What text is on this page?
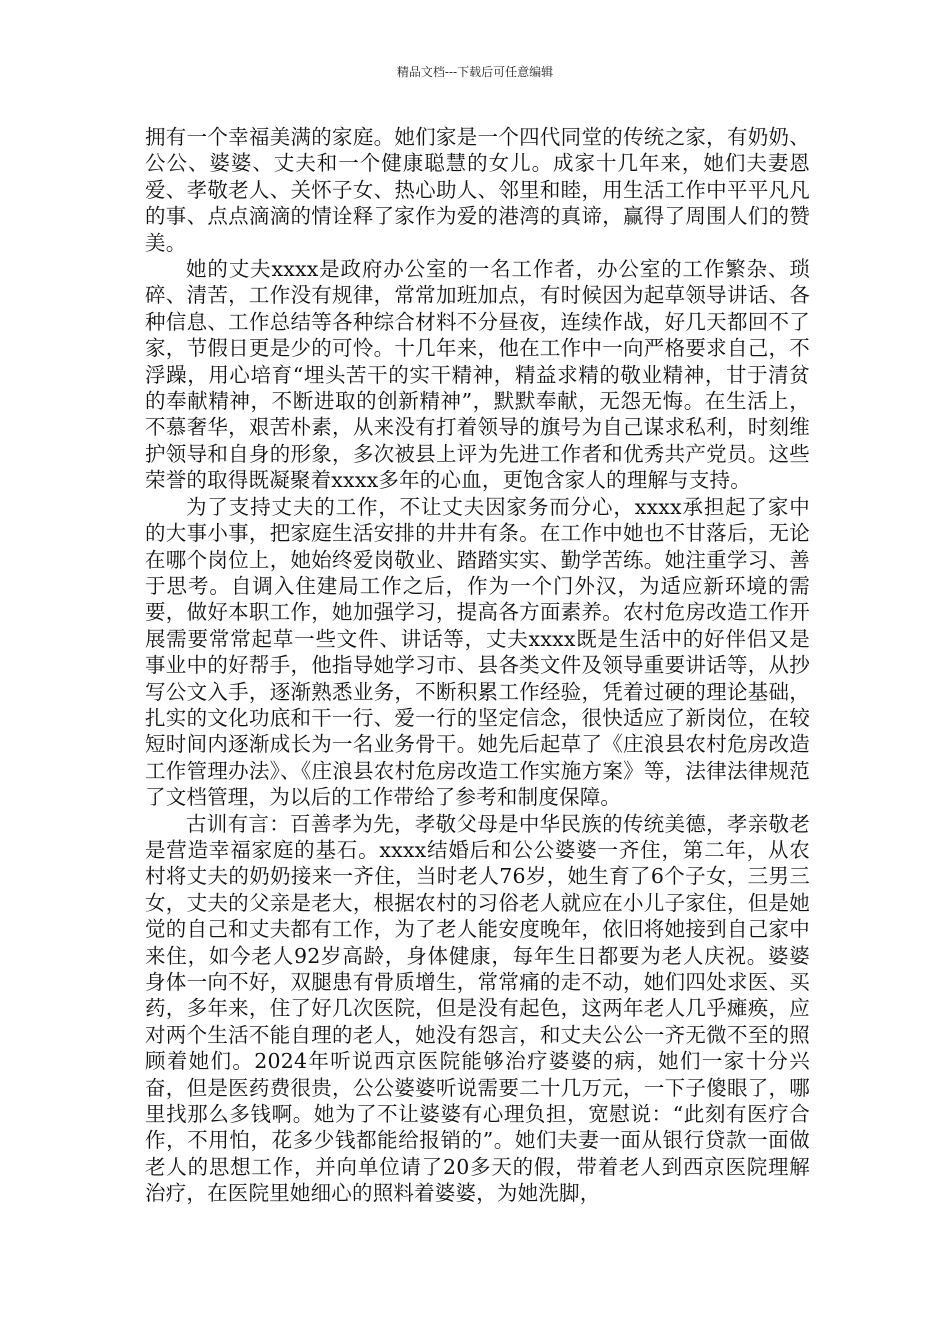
精品文档---下载后可任意编辑

拥有一个幸福美满的家庭。她们家是一个四代同堂的传统之家，有奶奶、公公、婆婆、丈夫和一个健康聪慧的女儿。成家十几年来，她们夫妻恩爱、孝敬老人、关怀子女、热心助人、邻里和睦，用生活工作中平平凡凡的事、点点滴滴的情诠释了家作为爱的港湾的真谛，赢得了周围人们的赞美。

她的丈夫xxxx是政府办公室的一名工作者，办公室的工作繁杂、琐碎、清苦，工作没有规律，常常加班加点，有时候因为起草领导讲话、各种信息、工作总结等各种综合材料不分昼夜，连续作战，好几天都回不了家，节假日更是少的可怜。十几年来，他在工作中一向严格要求自己，不浮躁，用心培育“埋头苦干的实干精神，精益求精的敬业精神，甘于清贫的奉献精神，不断进取的创新精神”，默默奉献，无怨无悔。在生活上，不慕奢华，艰苦朴素，从来没有打着领导的旗号为自己谋求私利，时刻维护领导和自身的形象，多次被县上评为先进工作者和优秀共产党员。这些荣誉的取得既凝聚着xxxx多年的心血，更饱含家人的理解与支持。

为了支持丈夫的工作，不让丈夫因家务而分心，xxxx承担起了家中的大事小事，把家庭生活安排的井井有条。在工作中她也不甘落后，无论在哪个岗位上，她始终爱岗敬业、踏踏实实、勤学苦练。她注重学习、善于思考。自调入住建局工作之后，作为一个门外汉，为适应新环境的需要，做好本职工作，她加强学习，提高各方面素养。农村危房改造工作开展需要常常起草一些文件、讲话等，丈夫xxxx既是生活中的好伴侣又是事业中的好帮手，他指导她学习市、县各类文件及领导重要讲话等，从抄写公文入手，逐渐熟悉业务，不断积累工作经验，凭着过硬的理论基础，扎实的文化功底和干一行、爱一行的坚定信念，很快适应了新岗位，在较短时间内逐渐成长为一名业务骨干。她先后起草了《庄浪县农村危房改造工作管理办法》、《庄浪县农村危房改造工作实施方案》等，法律法律规范了文档管理，为以后的工作带给了参考和制度保障。

古训有言：百善孝为先，孝敬父母是中华民族的传统美德，孝亲敬老是营造幸福家庭的基石。xxxx结婚后和公公婆婆一齐住，第二年，从农村将丈夫的奶奶接来一齐住，当时老人76岁，她生育了6个子女，三男三女，丈夫的父亲是老大，根据农村的习俗老人就应在小儿子家住，但是她觉的自己和丈夫都有工作，为了老人能安度晚年，依旧将她接到自己家中来住，如今老人92岁高龄，身体健康，每年生日都要为老人庆祝。婆婆身体一向不好，双腿患有骨质增生，常常痛的走不动，她们四处求医、买药，多年来，住了好几次医院，但是没有起色，这两年老人几乎瘫痪，应对两个生活不能自理的老人，她没有怨言，和丈夫公公一齐无微不至的照顾着她们。2024年听说西京医院能够治疗婆婆的病，她们一家十分兴奋，但是医药费很贵，公公婆婆听说需要二十几万元，一下子傻眼了，哪里找那么多钱啊。她为了不让婆婆有心理负担，宽慰说：“此刻有医疗合作，不用怕，花多少钱都能给报销的”。她们夫妻一面从银行贷款一面做老人的思想工作，并向单位请了20多天的假，带着老人到西京医院理解治疗，在医院里她细心的照料着婆婆，为她洗脚，
